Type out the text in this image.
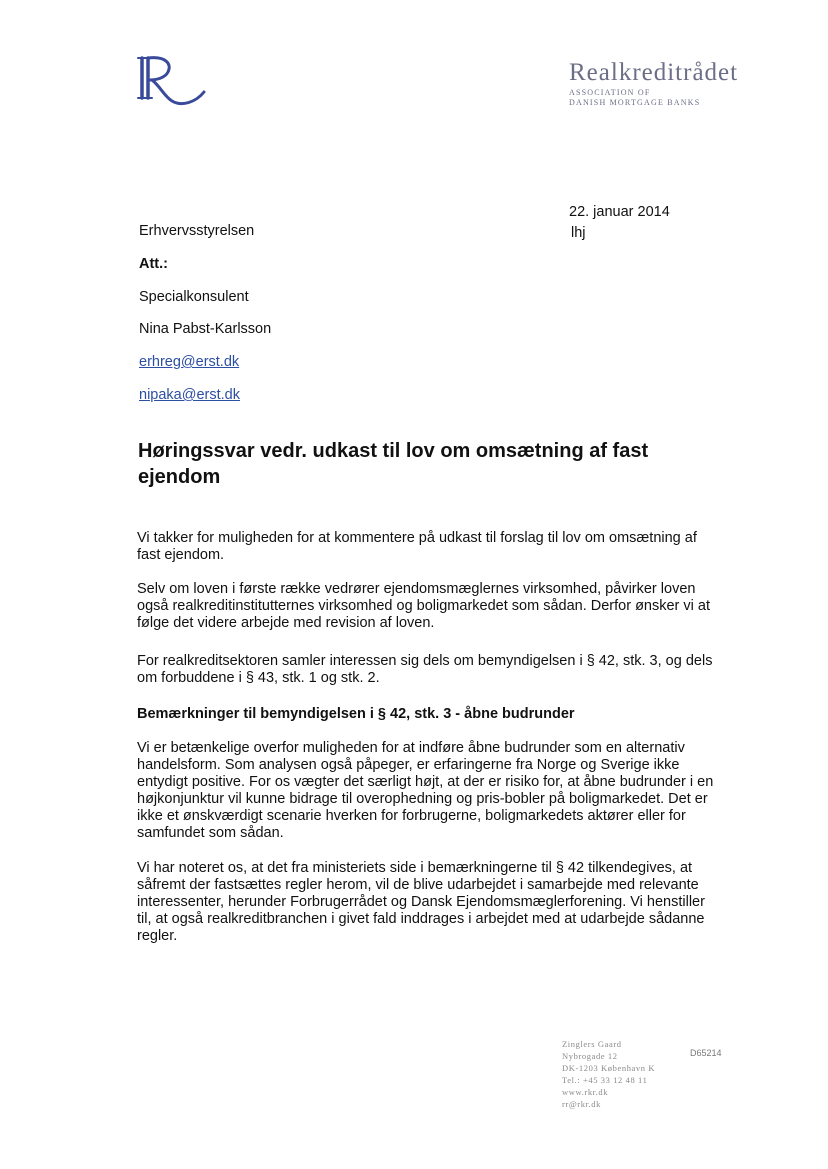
Realkreditrådet
ASSOCIATION OF
DANISH MORTGAGE BANKS
22. januar 2014
lhj
Erhvervsstyrelsen
Att.:
Specialkonsulent
Nina Pabst-Karlsson
erhreg@erst.dk
nipaka@erst.dk
Høringssvar vedr. udkast til lov om omsætning af fast ejendom
Vi takker for muligheden for at kommentere på udkast til forslag til lov om omsætning af fast ejendom.
Selv om loven i første række vedrører ejendomsmæglernes virksomhed, påvirker loven også realkreditinstitutternes virksomhed og boligmarkedet som sådan. Derfor ønsker vi at følge det videre arbejde med revision af loven.
For realkreditsektoren samler interessen sig dels om bemyndigelsen i § 42, stk. 3, og dels om forbuddene i § 43, stk. 1 og stk. 2.
Bemærkninger til bemyndigelsen i § 42, stk. 3 - åbne budrunder
Vi er betænkelige overfor muligheden for at indføre åbne budrunder som en alternativ handelsform. Som analysen også påpeger, er erfaringerne fra Norge og Sverige ikke entydigt positive. For os vægter det særligt højt, at der er risiko for, at åbne budrunder i en højkonjunktur vil kunne bidrage til overophedning og pris-bobler på boligmarkedet. Det er ikke et ønskværdigt scenarie hverken for forbrugerne, boligmarkedets aktører eller for samfundet som sådan.
Vi har noteret os, at det fra ministeriets side i bemærkningerne til § 42 tilkendegives, at såfremt der fastsættes regler herom, vil de blive udarbejdet i samarbejde med relevante interessenter, herunder Forbrugerrådet og Dansk Ejendomsmæglerforening. Vi henstiller til, at også realkreditbranchen i givet fald inddrages i arbejdet med at udarbejde sådanne regler.
Zinglers Gaard
Nybrogade 12
DK-1203 København K
Tel.: +45 33 12 48 11
www.rkr.dk
rr@rkr.dk
D65214
